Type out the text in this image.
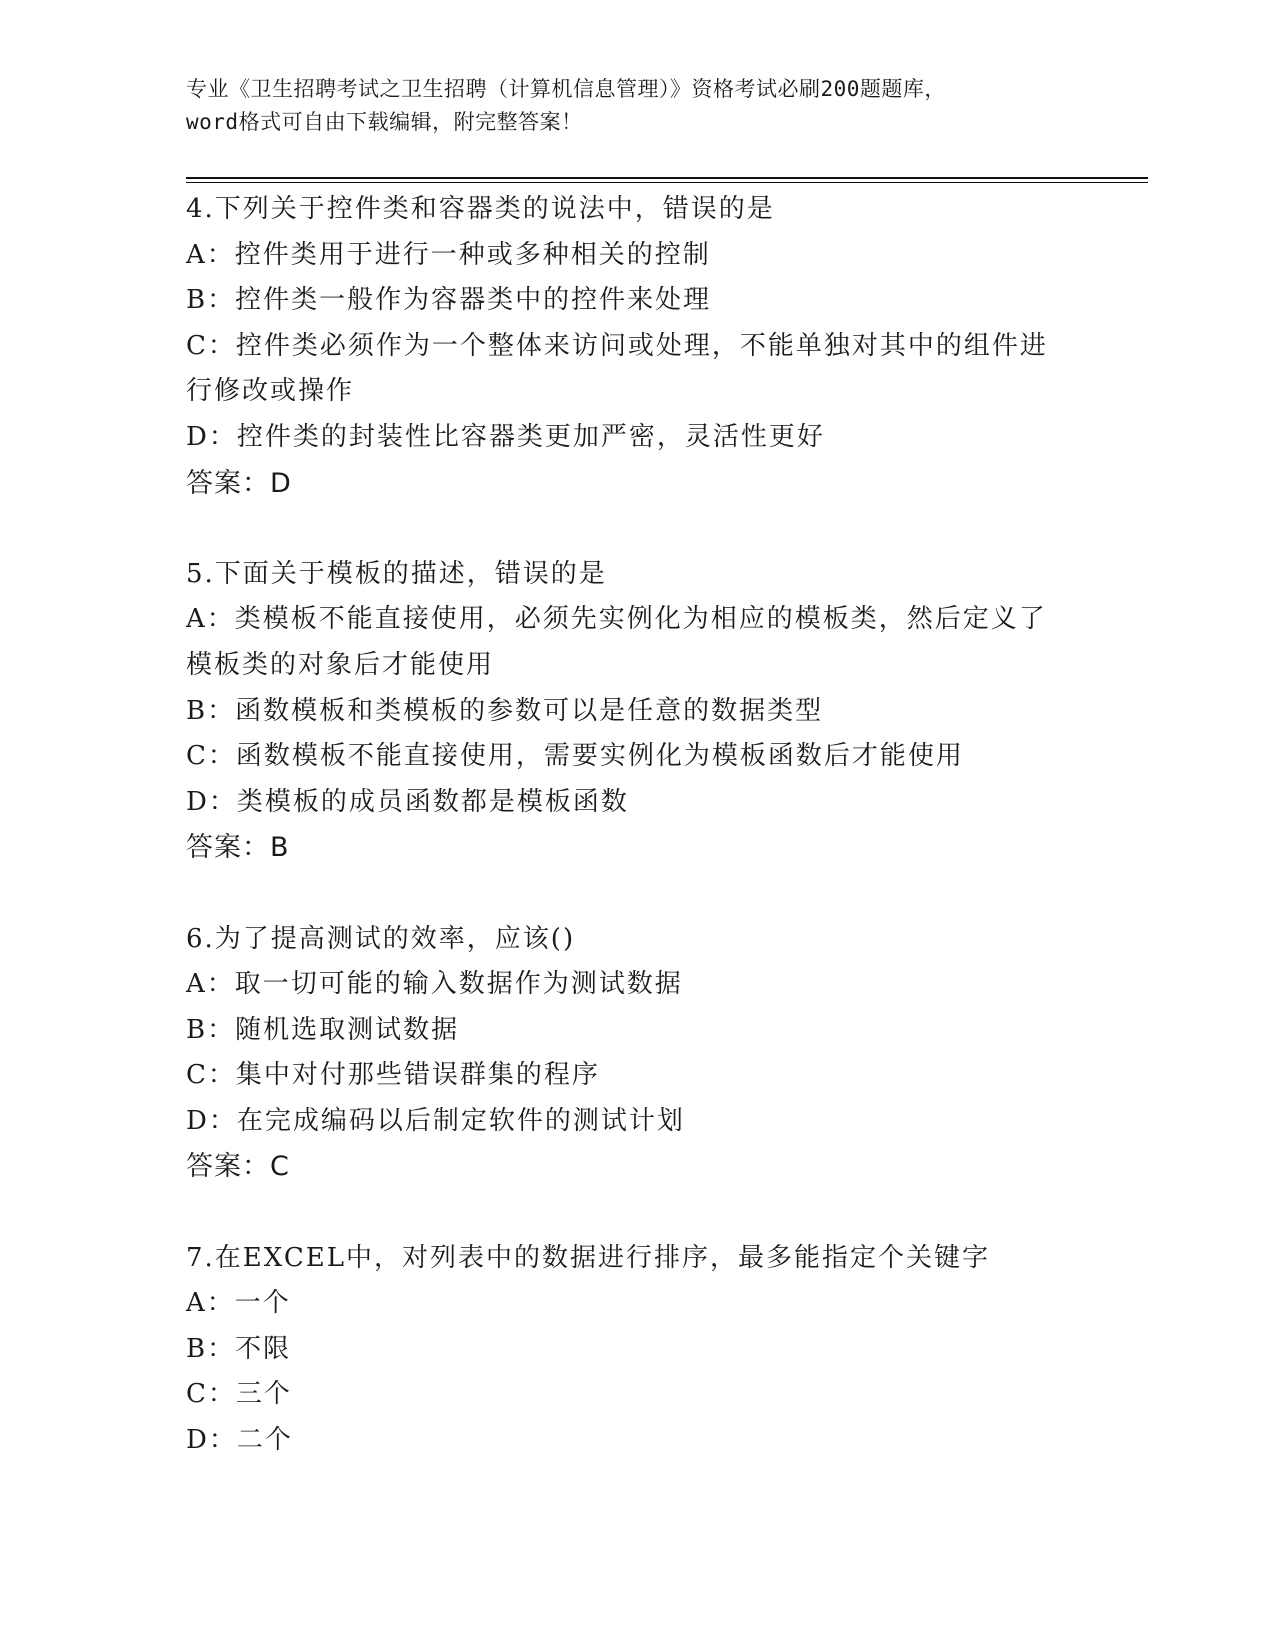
专业《卫生招聘考试之卫生招聘（计算机信息管理）》资格考试必刷200题题库，
word格式可自由下载编辑，附完整答案！
4.下列关于控件类和容器类的说法中，错误的是
A：控件类用于进行一种或多种相关的控制
B：控件类一般作为容器类中的控件来处理
C：控件类必须作为一个整体来访问或处理，不能单独对其中的组件进行修改或操作
D：控件类的封装性比容器类更加严密，灵活性更好
答案：D
5.下面关于模板的描述，错误的是
A：类模板不能直接使用，必须先实例化为相应的模板类，然后定义了模板类的对象后才能使用
B：函数模板和类模板的参数可以是任意的数据类型
C：函数模板不能直接使用，需要实例化为模板函数后才能使用
D：类模板的成员函数都是模板函数
答案：B
6.为了提高测试的效率，应该()
A：取一切可能的输入数据作为测试数据
B：随机选取测试数据
C：集中对付那些错误群集的程序
D：在完成编码以后制定软件的测试计划
答案：C
7.在EXCEL中，对列表中的数据进行排序，最多能指定个关键字
A：一个
B：不限
C：三个
D：二个
